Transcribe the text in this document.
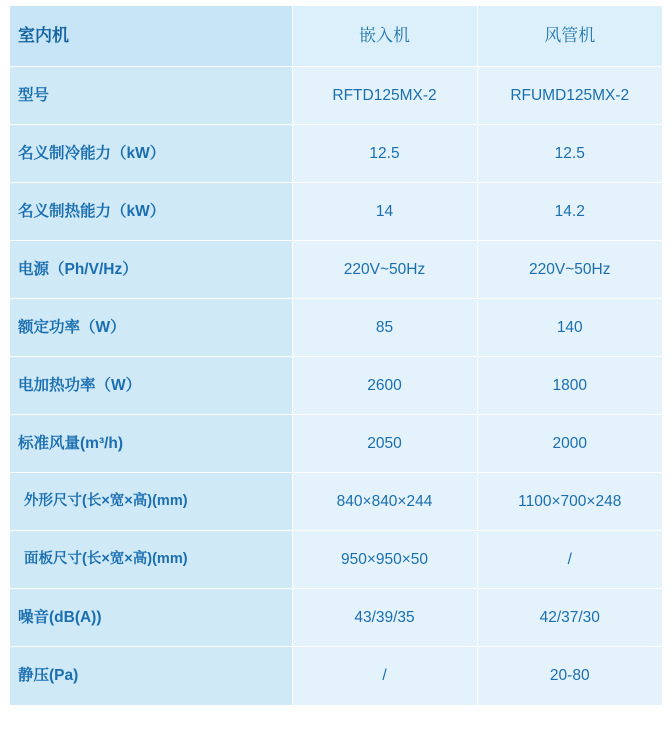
室内机	嵌入机	风管机
型号	RFTD125MX-2	RFUMD125MX-2
名义制冷能力（kW）	12.5	12.5
名义制热能力（kW）	14	14.2
电源（Ph/V/Hz）	220V~50Hz	220V~50Hz
额定功率（W）	85	140
电加热功率（W）	2600	1800
标准风量(m³/h)	2050	2000
外形尺寸(长×宽×高)(mm)	840×840×244	1100×700×248
面板尺寸(长×宽×高)(mm)	950×950×50	/
噪音(dB(A))	43/39/35	42/37/30
静压(Pa)	/	20-80
